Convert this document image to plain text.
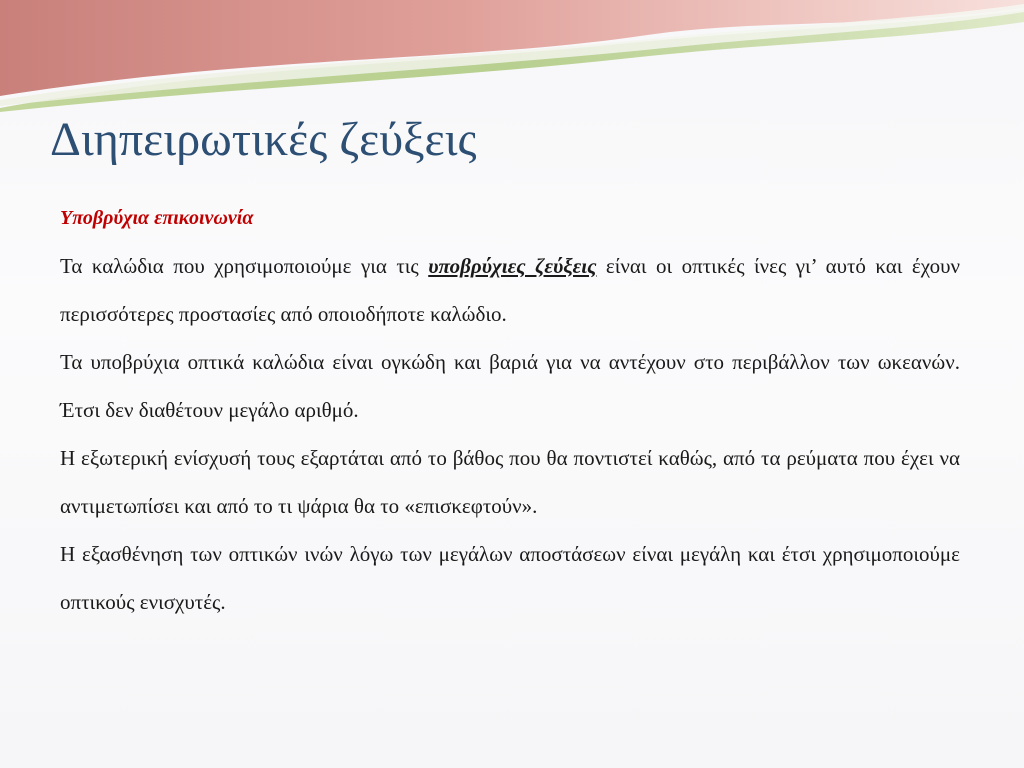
Διηπειρωτικές ζεύξεις

Υποβρύχια επικοινωνία

Τα καλώδια που χρησιμοποιούμε για τις υποβρύχιες ζεύξεις είναι οι οπτικές ίνες γι’ αυτό και έχουν περισσότερες προστασίες από οποιοδήποτε καλώδιο.

Τα υποβρύχια οπτικά καλώδια είναι ογκώδη και βαριά για να αντέχουν στο περιβάλλον των ωκεανών. Έτσι δεν διαθέτουν μεγάλο αριθμό.

Η εξωτερική ενίσχυσή τους εξαρτάται από το βάθος που θα ποντιστεί καθώς, από τα ρεύματα που έχει να αντιμετωπίσει και από το τι ψάρια θα το «επισκεφτούν».

Η εξασθένηση των οπτικών ινών λόγω των μεγάλων αποστάσεων είναι μεγάλη και έτσι χρησιμοποιούμε οπτικούς ενισχυτές.
